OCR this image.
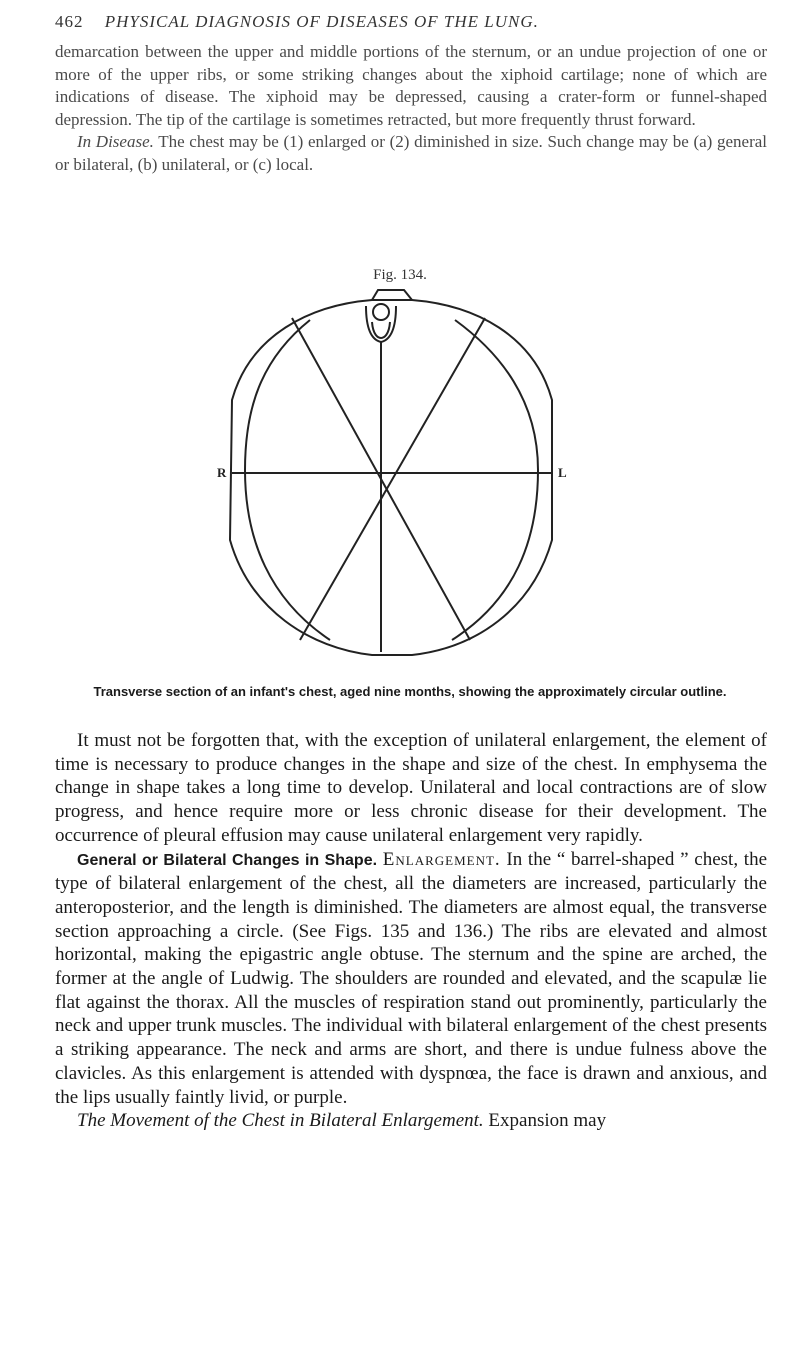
462 PHYSICAL DIAGNOSIS OF DISEASES OF THE LUNG.

demarcation between the upper and middle portions of the sternum, or an undue projection of one or more of the upper ribs, or some striking changes about the xiphoid cartilage; none of which are indications of disease. The xiphoid may be depressed, causing a crater-form or funnel-shaped depression. The tip of the cartilage is sometimes retracted, but more frequently thrust forward.

In Disease. The chest may be (1) enlarged or (2) diminished in size. Such change may be (a) general or bilateral, (b) unilateral, or (c) local.

Fig. 134.
R	L
Transverse section of an infant's chest, aged nine months, showing the approximately circular outline.

It must not be forgotten that, with the exception of unilateral enlargement, the element of time is necessary to produce changes in the shape and size of the chest. In emphysema the change in shape takes a long time to develop. Unilateral and local contractions are of slow progress, and hence require more or less chronic disease for their development. The occurrence of pleural effusion may cause unilateral enlargement very rapidly.

General or Bilateral Changes in Shape. Enlargement. In the “ barrel-shaped ” chest, the type of bilateral enlargement of the chest, all the diameters are increased, particularly the anteroposterior, and the length is diminished. The diameters are almost equal, the transverse section approaching a circle. (See Figs. 135 and 136.) The ribs are elevated and almost horizontal, making the epigastric angle obtuse. The sternum and the spine are arched, the former at the angle of Ludwig. The shoulders are rounded and elevated, and the scapulæ lie flat against the thorax. All the muscles of respiration stand out prominently, particularly the neck and upper trunk muscles. The individual with bilateral enlargement of the chest presents a striking appearance. The neck and arms are short, and there is undue fulness above the clavicles. As this enlargement is attended with dyspnœa, the face is drawn and anxious, and the lips usually faintly livid, or purple.

The Movement of the Chest in Bilateral Enlargement. Expansion may
